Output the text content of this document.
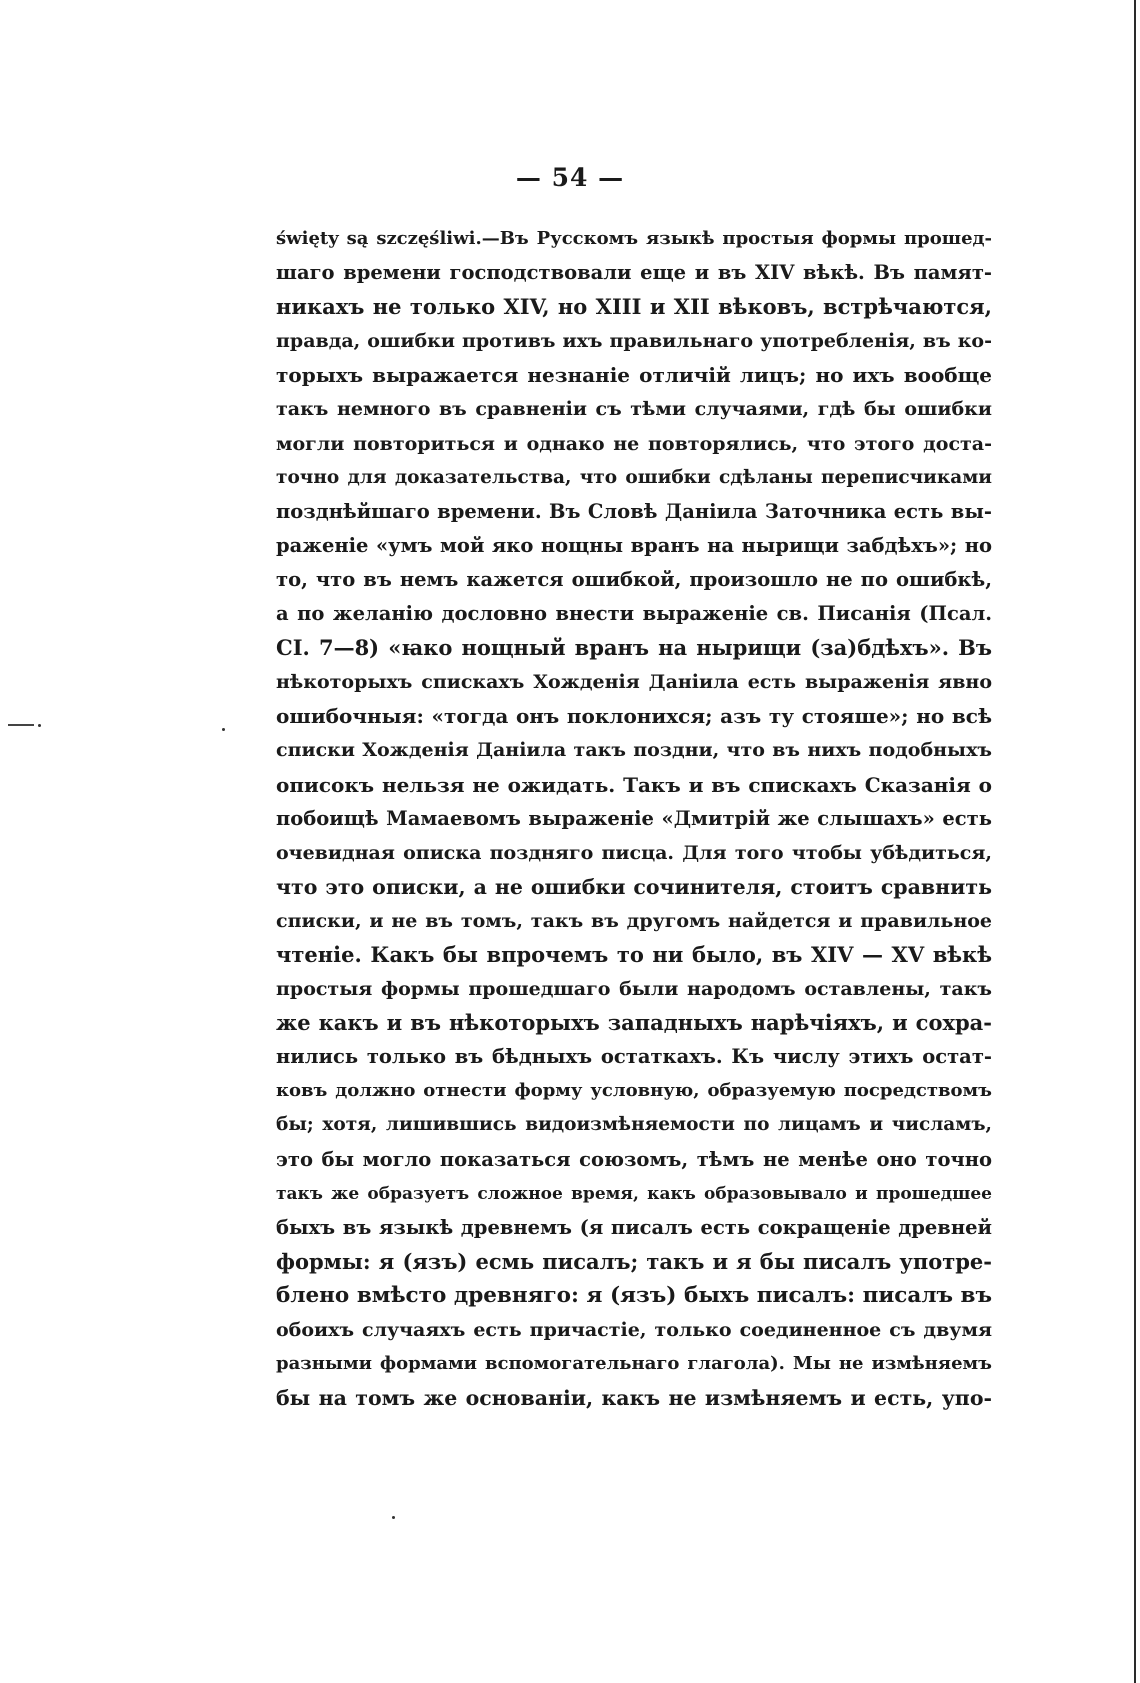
— 54 —
święty są szczęśliwi.—Въ Русскомъ языкѣ простыя формы прошед-
шаго времени господствовали еще и въ XIV вѣкѣ. Въ памят-
никахъ не только XIV, но XIII и XII вѣковъ, встрѣчаются,
правда, ошибки противъ ихъ правильнаго употребленія, въ ко-
торыхъ выражается незнаніе отличій лицъ; но ихъ вообще
такъ немного въ сравненіи съ тѣми случаями, гдѣ бы ошибки
могли повториться и однако не повторялись, что этого доста-
точно для доказательства, что ошибки сдѣланы переписчиками
позднѣйшаго времени. Въ Словѣ Даніила Заточника есть вы-
раженіе «умъ мой яко нощны вранъ на нырищи забдѣхъ»; но
то, что въ немъ кажется ошибкой, произошло не по ошибкѣ,
а по желанію дословно внести выраженіе св. Писанія (Псал.
CI. 7—8) «ꙗко нощный вранъ на нырищи (за)бдѣхъ». Въ
нѣкоторыхъ спискахъ Хожденія Даніила есть выраженія явно
ошибочныя: «тогда онъ поклонихся; азъ ту стояше»; но всѣ
списки Хожденія Даніила такъ поздни, что въ нихъ подобныхъ
описокъ нельзя не ожидать. Такъ и въ спискахъ Сказанія о
побоищѣ Мамаевомъ выраженіе «Дмитрій же слышахъ» есть
очевидная описка поздняго писца. Для того чтобы убѣдиться,
что это описки, а не ошибки сочинителя, стоитъ сравнить
списки, и не въ томъ, такъ въ другомъ найдется и правильное
чтеніе. Какъ бы впрочемъ то ни было, въ XIV — XV вѣкѣ
простыя формы прошедшаго были народомъ оставлены, такъ
же какъ и въ нѣкоторыхъ западныхъ нарѣчіяхъ, и сохра-
нились только въ бѣдныхъ остаткахъ. Къ числу этихъ остат-
ковъ должно отнести форму условную, образуемую посредствомъ
бы; хотя, лишившись видоизмѣняемости по лицамъ и числамъ,
это бы могло показаться союзомъ, тѣмъ не менѣе оно точно
такъ же образуетъ сложное время, какъ образовывало и прошедшее
быхъ въ языкѣ древнемъ (я писалъ есть сокращеніе древней
формы: я (язъ) есмь писалъ; такъ и я бы писалъ употре-
блено вмѣсто древняго: я (язъ) быхъ писалъ: писалъ въ
обоихъ случаяхъ есть причастіе, только соединенное съ двумя
разными формами вспомогательнаго глагола). Мы не измѣняемъ
бы на томъ же основаніи, какъ не измѣняемъ и есть, упо-
